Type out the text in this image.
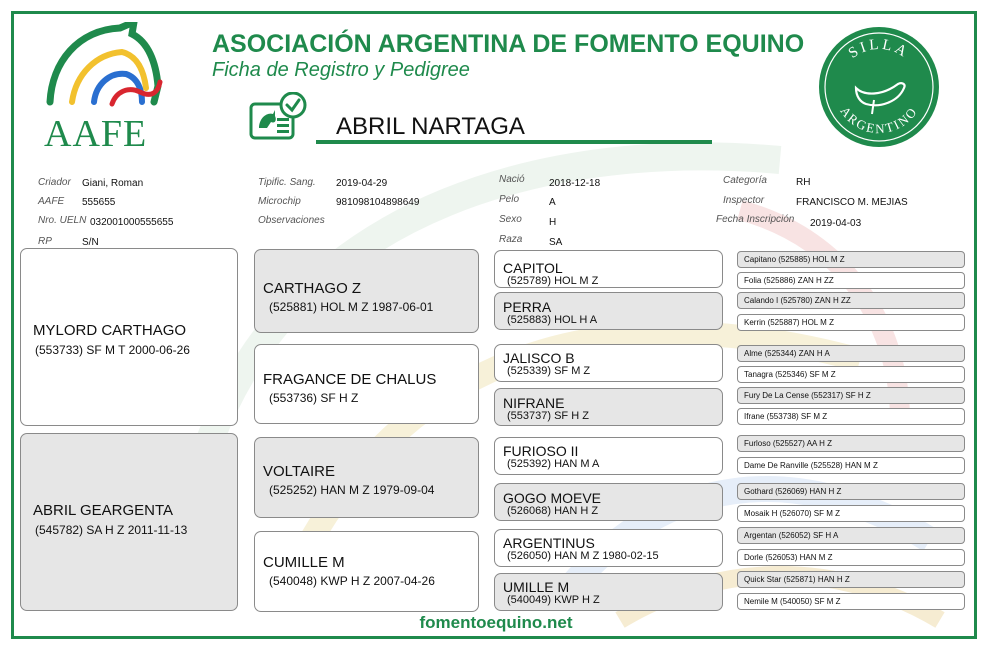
AAFE
ASOCIACIÓN ARGENTINA DE FOMENTO EQUINO
Ficha de Registro y Pedigree
SILLA
ARGENTINO
ABRIL NARTAGA
Criador Giani, Roman
AAFE 555655
Nro. UELN 032001000555655
RP	S/N
Tipific. Sang. 2019-04-29
Microchip	981098104898649
Observaciones
Nació 2018-12-18
Pelo	A
Sexo	H
Raza	SA
Categoría	RH
Inspector	FRANCISCO M. MEJIAS
Fecha Inscripción 2019-04-03
MYLORD CARTHAGO
(553733) SF M T 2000-06-26
ABRIL GEARGENTA
(545782) SA H Z 2011-11-13
CARTHAGO Z
(525881) HOL M Z 1987-06-01
FRAGANCE DE CHALUS
(553736) SF H Z
VOLTAIRE
(525252) HAN M Z 1979-09-04
CUMILLE M
(540048) KWP H Z 2007-04-26
CAPITOL
(525789) HOL M Z
PERRA
(525883) HOL H A
JALISCO B
(525339) SF M Z
NIFRANE
(553737) SF H Z
FURIOSO II
(525392) HAN M A
GOGO MOEVE
(526068) HAN H Z
ARGENTINUS
(526050) HAN M Z 1980-02-15
UMILLE M
(540049) KWP H Z
Capitano (525885) HOL M Z
Folia (525886) ZAN H ZZ
Calando I (525780) ZAN H ZZ
Kerrin (525887) HOL M Z
Alme (525344) ZAN H A
Tanagra (525346) SF M Z
Fury De La Cense (552317) SF H Z
Ifrane (553738) SF M Z
Furloso (525527) AA H Z
Dame De Ranville (525528) HAN M Z
Gothard (526069) HAN H Z
Mosaik H (526070) SF M Z
Argentan (526052) SF H A
Dorle (526053) HAN M Z
Quick Star (525871) HAN H Z
Nemile M (540050) SF M Z
fomentoequino.net
